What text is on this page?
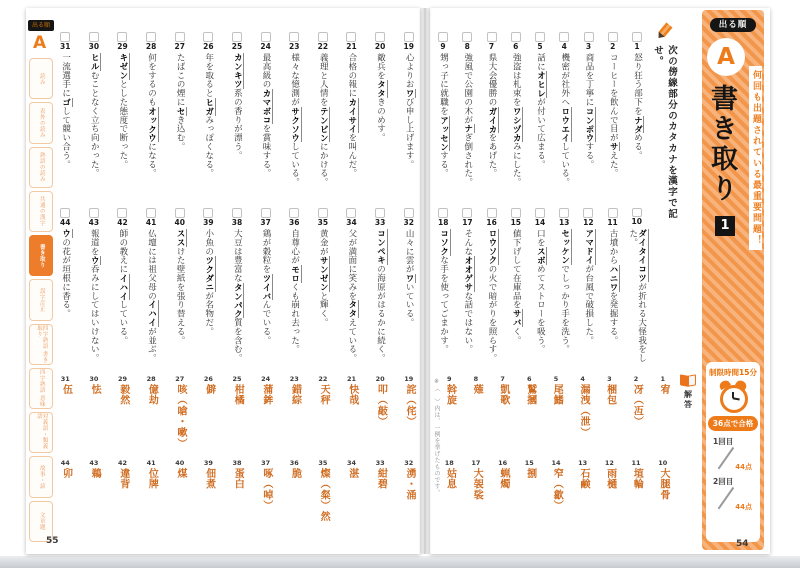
出る順
A
読み
表外の読み
熟語の読み
共通の漢字
書き取り
誤字訂正
四字熟語 書き取り
四字熟語 意味
対義語・類義語
故事・諺
文章題
19
心よりおワび申し上げます。
20
敵兵をタタきのめす。
21
合格の報にカイサイを叫んだ。
22
義理と人情をテンビンにかける。
23
様々な憶測がサクソウしている。
24
最高級のカマボコを賞味する。
25
カンキツ系の香りが漂う。
26
年を取るとヒガみっぽくなる。
27
たばこの煙にセき込む。
28
何をするのもオックウになる。
29
キゼンとした態度で断った。
30
ヒルむことなく立ち向かった。
31
一流選手にゴして競い合う。
32
山々に雲がワいている。
33
コンペキの海原がはるかに続く。
34
父が満面に笑みをタタえている。
35
黄金がサンゼンと輝く。
36
自尊心がモロくも崩れ去った。
37
鶏が穀粒をツイバんでいる。
38
大豆は豊富なタンパク質を含む。
39
小魚のツクダニが名物だ。
40
ススけた壁紙を張り替える。
41
仏壇には祖父母のイハイが並ぶ。
42
師の教えにイハイしている。
43
報道をウ呑みにしてはいけない。
44
ウの花が垣根に香る。
19
詫（侘）
20
叩（敲）
21
快哉
22
天秤
23
錯綜
24
蒲鉾
25
柑橘
26
僻
27
咳（嗆・嗽）
28
億劫
29
毅然
30
怯
31
伍
32
湧・涌
33
紺碧
34
湛
35
燦（粲）然
36
脆
37
啄（啅）
38
蛋白
39
佃煮
40
煤
41
位牌
42
違背
43
鵜
44
卯
55
1
怒り狂う部下をナダめる。
2
コーヒーを飲んで目がサえた。
3
商品を丁寧にコンポウする。
4
機密が社外へロウエイしている。
5
話にオヒレが付いて広まる。
6
強盗は札束をワシヅカみにした。
7
県大会優勝のガイカをあげた。
8
強風で公園の木がナぎ倒された。
9
甥っ子に就職をアッセンする。
10
ダイタイコツが折れる大怪我をした。
11
古墳からハニワを発掘する。
12
アマドイが台風で破損した。
13
セッケンでしっかり手を洗う。
14
口をスボめてストローを吸う。
15
値下げして在庫品をサバく。
16
ロウソクの火で暗がりを照らす。
17
そんなオオゲサな話ではない。
18
コソクな手を使ってごまかす。
※（　）内は、一例を挙げたものです。	1
宥
2
冴（冱）
3
梱包
4
漏洩（泄）
5
尾鰭
6
鷲摑
7
凱歌
8
薙
9
斡旋
10
大腿骨
11
埴輪
12
雨樋
13
石鹸
14
窄（歙）
15
捌
16
蝋燭
17
大袈裟
18
姑息
解答
次の傍線部分のカタカナを漢字で記せ。
出る順
A
書き取り
1	何回も出題されている最重要問題！
制限時間15分
36点で合格
1回目
44点
2回目
44点
54
